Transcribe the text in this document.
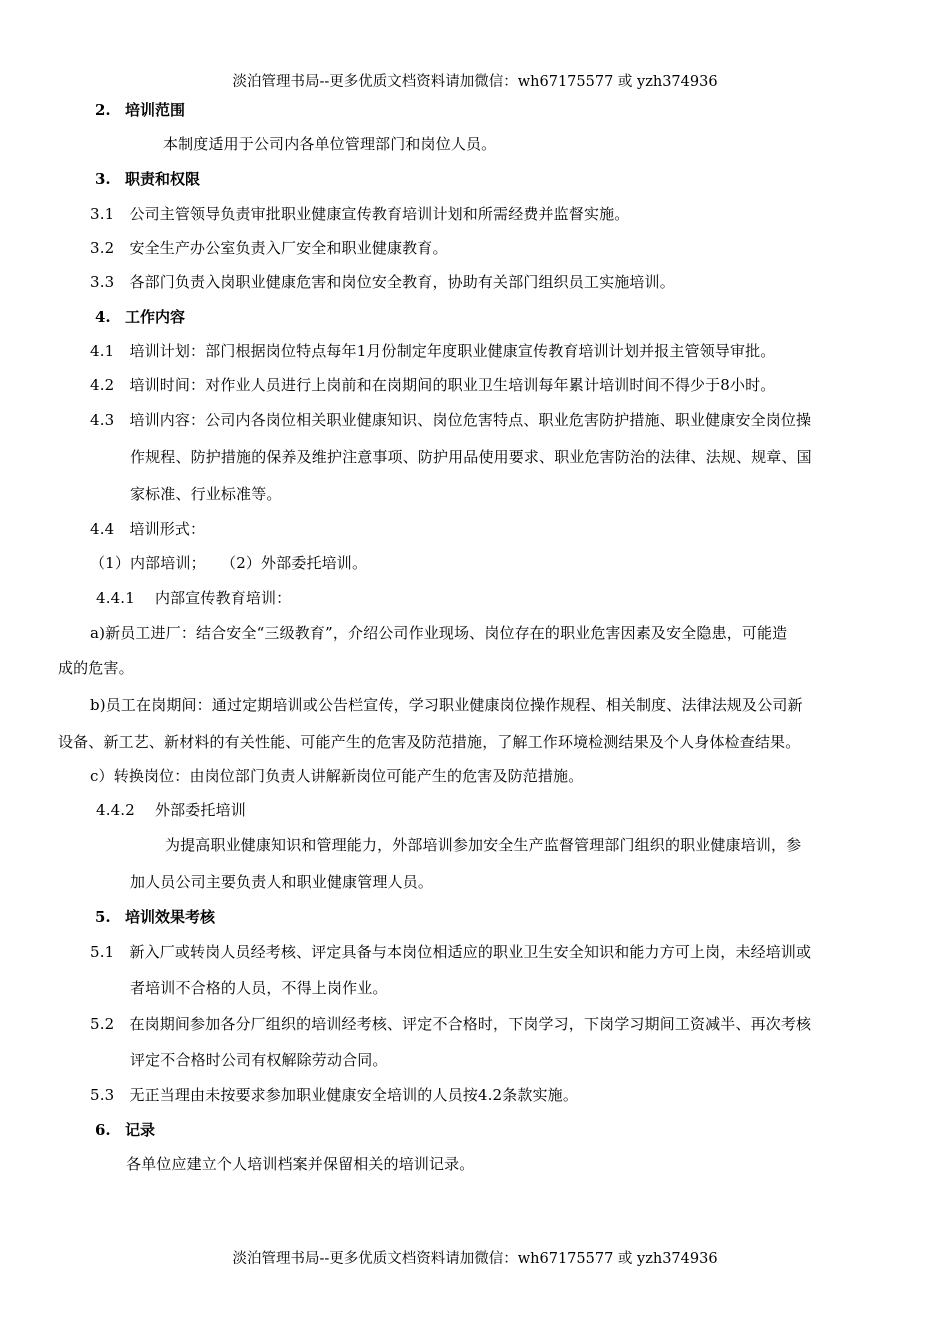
淡泊管理书局--更多优质文档资料请加微信：wh67175577 或 yzh374936
2. 培训范围
本制度适用于公司内各单位管理部门和岗位人员。
3. 职责和权限
3.1　公司主管领导负责审批职业健康宣传教育培训计划和所需经费并监督实施。
3.2　安全生产办公室负责入厂安全和职业健康教育。
3.3　各部门负责入岗职业健康危害和岗位安全教育，协助有关部门组织员工实施培训。
4. 工作内容
4.1　培训计划：部门根据岗位特点每年1月份制定年度职业健康宣传教育培训计划并报主管领导审批。
4.2　培训时间：对作业人员进行上岗前和在岗期间的职业卫生培训每年累计培训时间不得少于8小时。
4.3　培训内容：公司内各岗位相关职业健康知识、岗位危害特点、职业危害防护措施、职业健康安全岗位操
作规程、防护措施的保养及维护注意事项、防护用品使用要求、职业危害防治的法律、法规、规章、国
家标准、行业标准等。
4.4　培训形式：
（1）内部培训；　　（2）外部委托培训。
4.4.1　 内部宣传教育培训：
a)新员工进厂：结合安全“三级教育”，介绍公司作业现场、岗位存在的职业危害因素及安全隐患，可能造
成的危害。
b)员工在岗期间：通过定期培训或公告栏宣传，学习职业健康岗位操作规程、相关制度、法律法规及公司新
设备、新工艺、新材料的有关性能、可能产生的危害及防范措施，了解工作环境检测结果及个人身体检查结果。
c）转换岗位：由岗位部门负责人讲解新岗位可能产生的危害及防范措施。
4.4.2　 外部委托培训
为提高职业健康知识和管理能力，外部培训参加安全生产监督管理部门组织的职业健康培训，参
加人员公司主要负责人和职业健康管理人员。
5. 培训效果考核
5.1　新入厂或转岗人员经考核、评定具备与本岗位相适应的职业卫生安全知识和能力方可上岗，未经培训或
者培训不合格的人员，不得上岗作业。
5.2　在岗期间参加各分厂组织的培训经考核、评定不合格时，下岗学习，下岗学习期间工资减半、再次考核
评定不合格时公司有权解除劳动合同。
5.3　无正当理由未按要求参加职业健康安全培训的人员按4.2条款实施。
6. 记录
各单位应建立个人培训档案并保留相关的培训记录。
淡泊管理书局--更多优质文档资料请加微信：wh67175577 或 yzh374936
